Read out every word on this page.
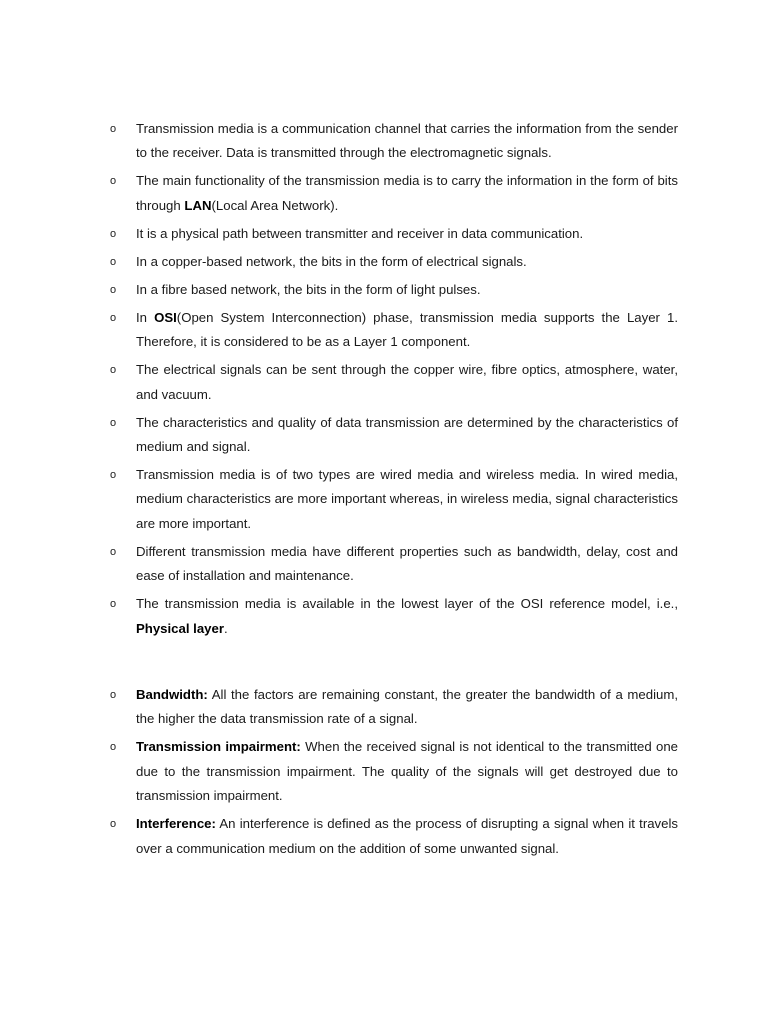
o Transmission media is a communication channel that carries the information from the sender to the receiver. Data is transmitted through the electromagnetic signals.
o The main functionality of the transmission media is to carry the information in the form of bits through LAN(Local Area Network).
o It is a physical path between transmitter and receiver in data communication.
o In a copper-based network, the bits in the form of electrical signals.
o In a fibre based network, the bits in the form of light pulses.
o In OSI(Open System Interconnection) phase, transmission media supports the Layer 1. Therefore, it is considered to be as a Layer 1 component.
o The electrical signals can be sent through the copper wire, fibre optics, atmosphere, water, and vacuum.
o The characteristics and quality of data transmission are determined by the characteristics of medium and signal.
o Transmission media is of two types are wired media and wireless media. In wired media, medium characteristics are more important whereas, in wireless media, signal characteristics are more important.
o Different transmission media have different properties such as bandwidth, delay, cost and ease of installation and maintenance.
o The transmission media is available in the lowest layer of the OSI reference model, i.e., Physical layer.
o Bandwidth: All the factors are remaining constant, the greater the bandwidth of a medium, the higher the data transmission rate of a signal.
o Transmission impairment: When the received signal is not identical to the transmitted one due to the transmission impairment. The quality of the signals will get destroyed due to transmission impairment.
o Interference: An interference is defined as the process of disrupting a signal when it travels over a communication medium on the addition of some unwanted signal.
